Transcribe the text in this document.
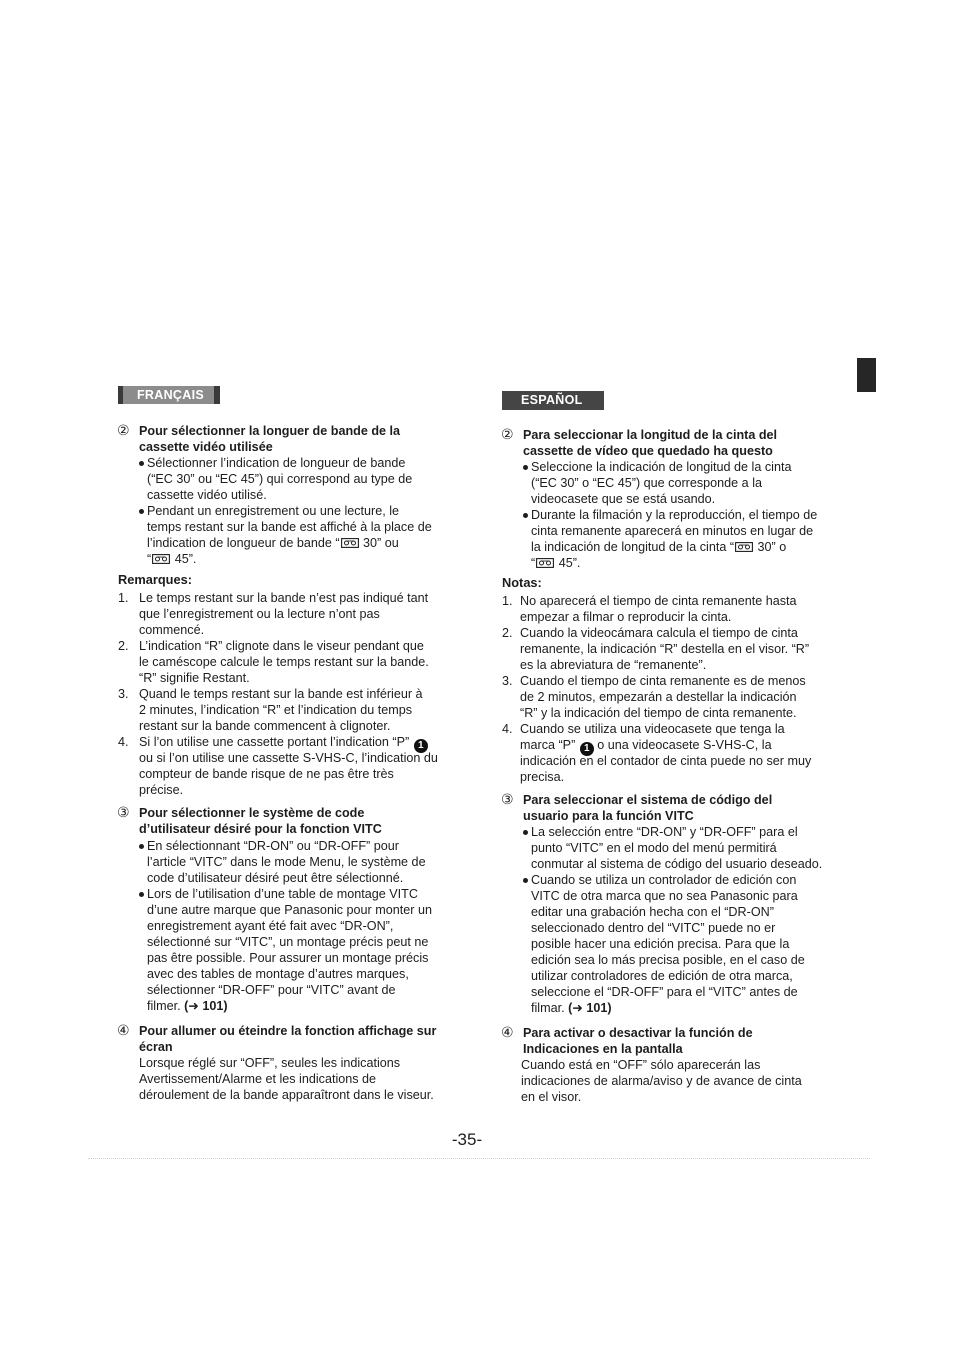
FRANÇAIS
② Pour sélectionner la longuer de bande de la
cassette vidéo utilisée
Sélectionner l’indication de longueur de bande
(“EC 30” ou “EC 45”) qui correspond au type de
cassette vidéo utilisé.
Pendant un enregistrement ou une lecture, le
temps restant sur la bande est affiché à la place de
l’indication de longueur de bande “
30” ou
“
45”.
Remarques:
1. Le temps restant sur la bande n’est pas indiqué tant
que l’enregistrement ou la lecture n’ont pas
commencé.
2. L’indication “R” clignote dans le viseur pendant que
le caméscope calcule le temps restant sur la bande.
“R” signifie Restant.
3. Quand le temps restant sur la bande est inférieur à
2 minutes, l’indication “R” et l’indication du temps
restant sur la bande commencent à clignoter.
4. Si l’on utilise une cassette portant l’indication “P” 1
ou si l’on utilise une cassette S-VHS-C, l’indication du
compteur de bande risque de ne pas être très
précise.
③ Pour sélectionner le système de code
d’utilisateur désiré pour la fonction VITC
En sélectionnant “DR-ON” ou “DR-OFF” pour
l’article “VITC” dans le mode Menu, le système de
code d’utilisateur désiré peut être sélectionné.
Lors de l’utilisation d’une table de montage VITC
d’une autre marque que Panasonic pour monter un
enregistrement ayant été fait avec “DR-ON”,
sélectionné sur “VITC”, un montage précis peut ne
pas être possible. Pour assurer un montage précis
avec des tables de montage d’autres marques,
sélectionner “DR-OFF” pour “VITC” avant de
filmer. (➜ 101)
④ Pour allumer ou éteindre la fonction affichage sur
écran
Lorsque réglé sur “OFF”, seules les indications
Avertissement/Alarme et les indications de
déroulement de la bande apparaîtront dans le viseur.
ESPAÑOL
② Para seleccionar la longitud de la cinta del
cassette de vídeo que quedado ha questo
Seleccione la indicación de longitud de la cinta
(“EC 30” o “EC 45”) que corresponde a la
videocasete que se está usando.
Durante la filmación y la reproducción, el tiempo de
cinta remanente aparecerá en minutos en lugar de
la indicación de longitud de la cinta “
30” o
“
45”.
Notas:
1. No aparecerá el tiempo de cinta remanente hasta
empezar a filmar o reproducir la cinta.
2. Cuando la videocámara calcula el tiempo de cinta
remanente, la indicación “R” destella en el visor. “R”
es la abreviatura de “remanente”.
3. Cuando el tiempo de cinta remanente es de menos
de 2 minutos, empezarán a destellar la indicación
“R” y la indicación del tiempo de cinta remanente.
4. Cuando se utiliza una videocasete que tenga la
marca “P” 1 o una videocasete S-VHS-C, la
indicación en el contador de cinta puede no ser muy
precisa.
③ Para seleccionar el sistema de código del
usuario para la función VITC
La selección entre “DR-ON” y “DR-OFF” para el
punto “VITC” en el modo del menú permitirá
conmutar al sistema de código del usuario deseado.
Cuando se utiliza un controlador de edición con
VITC de otra marca que no sea Panasonic para
editar una grabación hecha con el “DR-ON”
seleccionado dentro del “VITC” puede no er
posible hacer una edición precisa. Para que la
edición sea lo más precisa posible, en el caso de
utilizar controladores de edición de otra marca,
seleccione el “DR-OFF” para el “VITC” antes de
filmar. (➜ 101)
④ Para activar o desactivar la función de
Indicaciones en la pantalla
Cuando está en “OFF” sólo aparecerán las
indicaciones de alarma/aviso y de avance de cinta
en el visor.
-35-
